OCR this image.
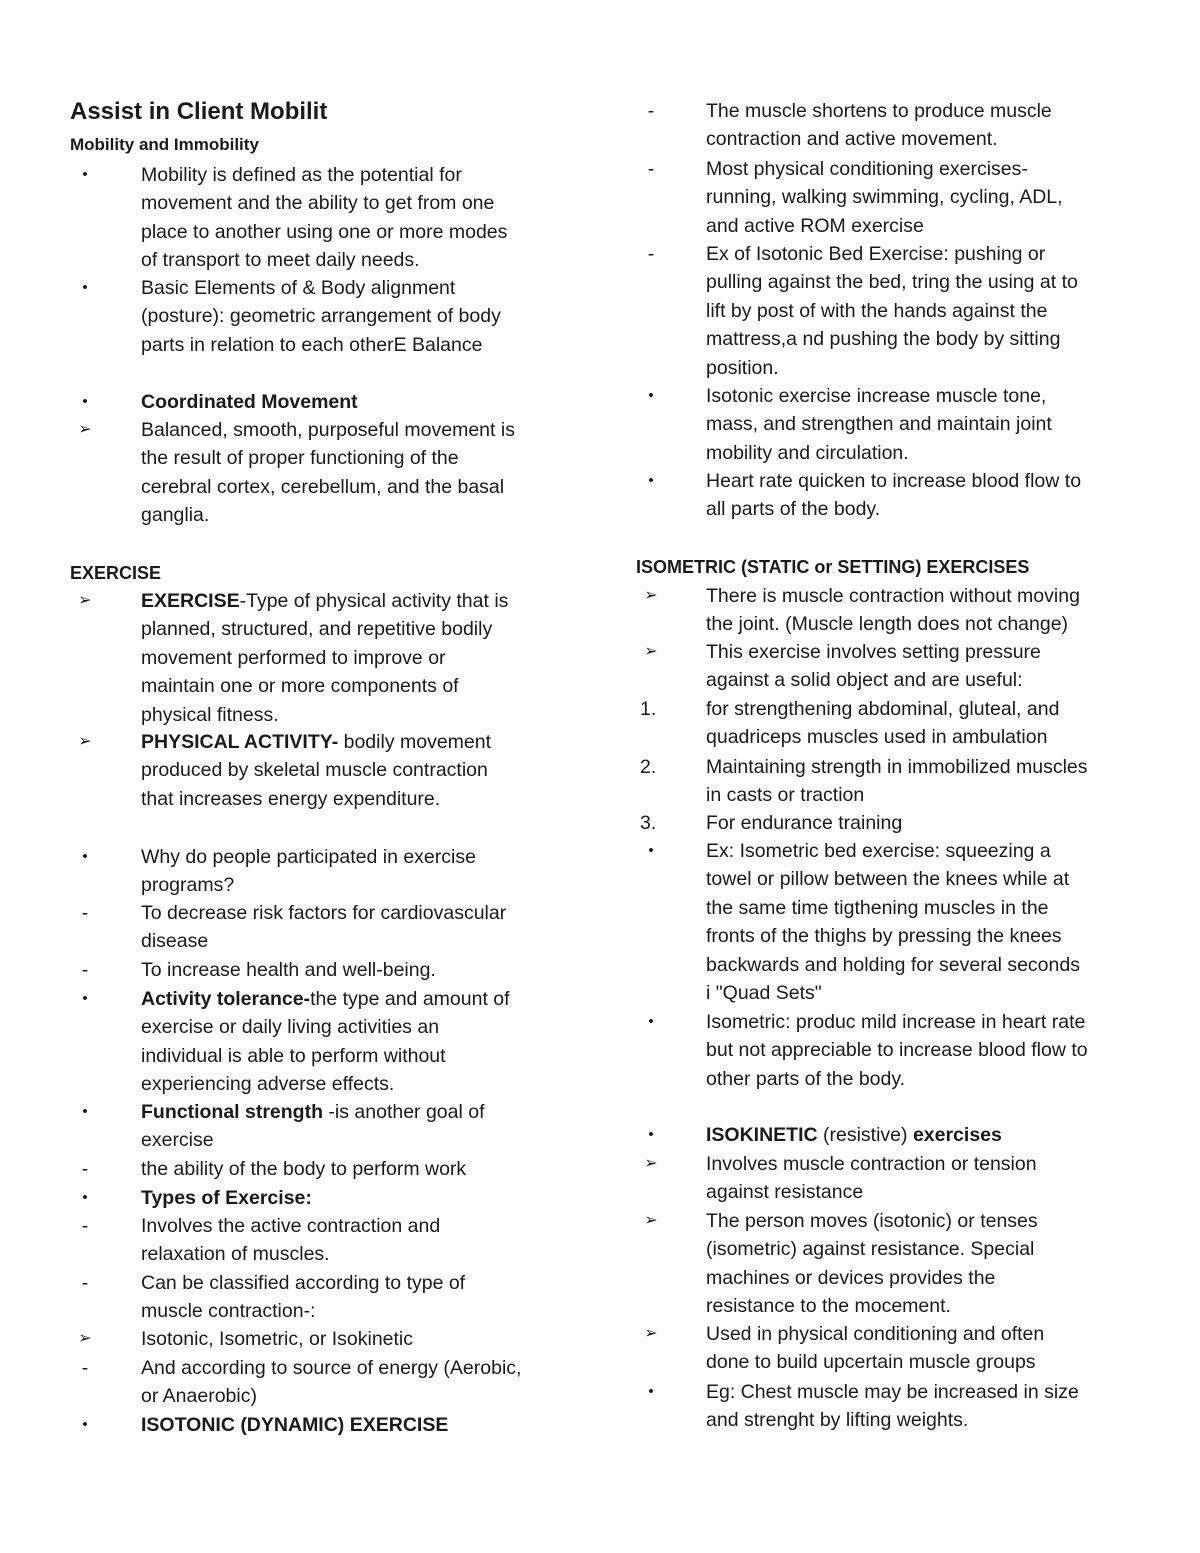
Assist in Client Mobilit
Mobility and Immobility
•	Mobility is defined as the potential for
movement and the ability to get from one
place to another using one or more modes
of transport to meet daily needs.
•	Basic Elements of & Body alignment
(posture): geometric arrangement of body
parts in relation to each otherE Balance
•	Coordinated Movement
➢	Balanced, smooth, purposeful movement is
the result of proper functioning of the
cerebral cortex, cerebellum, and the basal
ganglia.
EXERCISE
➢	EXERCISE-Type of physical activity that is
planned, structured, and repetitive bodily
movement performed to improve or
maintain one or more components of
physical fitness.
➢	PHYSICAL ACTIVITY- bodily movement
produced by skeletal muscle contraction
that increases energy expenditure.
•	Why do people participated in exercise
programs?
-	To decrease risk factors for cardiovascular
disease
-	To increase health and well-being.
•	Activity tolerance-the type and amount of
exercise or daily living activities an
individual is able to perform without
experiencing adverse effects.
•	Functional strength -is another goal of
exercise
-	the ability of the body to perform work
•	Types of Exercise:
-	Involves the active contraction and
relaxation of muscles.
-	Can be classified according to type of
muscle contraction-:
➢	Isotonic, Isometric, or Isokinetic
-	And according to source of energy (Aerobic,
or Anaerobic)
•	ISOTONIC (DYNAMIC) EXERCISE
-	The muscle shortens to produce muscle
contraction and active movement.
-	Most physical conditioning exercises-
running, walking swimming, cycling, ADL,
and active ROM exercise
-	Ex of Isotonic Bed Exercise: pushing or
pulling against the bed, tring the using at to
lift by post of with the hands against the
mattress,a nd pushing the body by sitting
position.
•	Isotonic exercise increase muscle tone,
mass, and strengthen and maintain joint
mobility and circulation.
•	Heart rate quicken to increase blood flow to
all parts of the body.
ISOMETRIC (STATIC or SETTING) EXERCISES
➢	There is muscle contraction without moving
the joint. (Muscle length does not change)
➢	This exercise involves setting pressure
against a solid object and are useful:
1.	for strengthening abdominal, gluteal, and
quadriceps muscles used in ambulation
2.	Maintaining strength in immobilized muscles
in casts or traction
3.	For endurance training
•	Ex: Isometric bed exercise: squeezing a
towel or pillow between the knees while at
the same time tigthening muscles in the
fronts of the thighs by pressing the knees
backwards and holding for several seconds
i "Quad Sets"
•	Isometric: produc mild increase in heart rate
but not appreciable to increase blood flow to
other parts of the body.
•	ISOKINETIC (resistive) exercises
➢	Involves muscle contraction or tension
against resistance
➢	The person moves (isotonic) or tenses
(isometric) against resistance. Special
machines or devices provides the
resistance to the mocement.
➢	Used in physical conditioning and often
done to build upcertain muscle groups
•	Eg: Chest muscle may be increased in size
and strenght by lifting weights.
